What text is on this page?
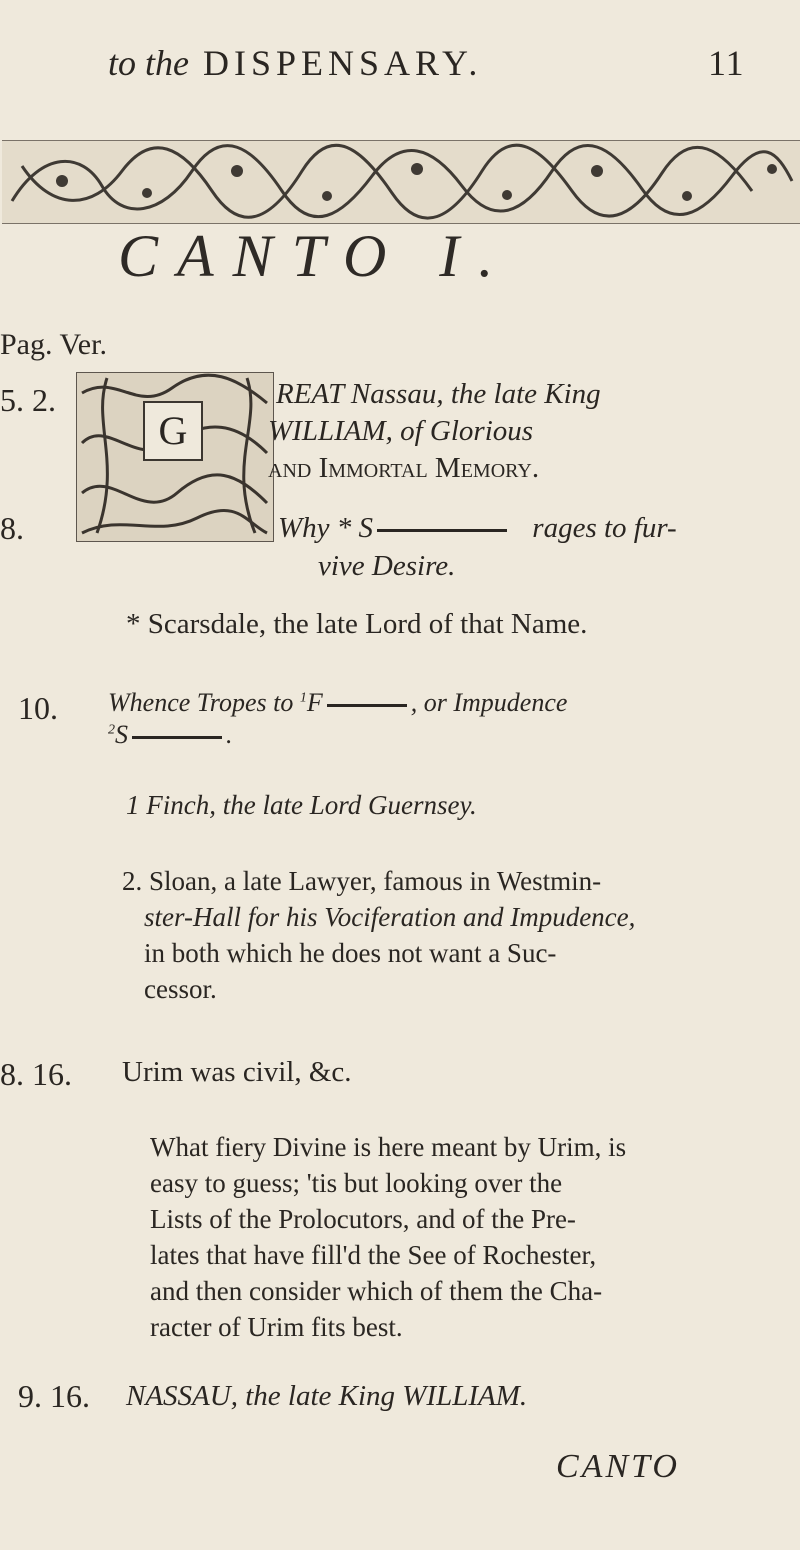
to the DISPENSARY.	11
CANTO I.
Pag. Ver.
G
5. 2.	REAT Nassau, the late King
WILLIAM, of Glorious
and Immortal Memory.
8.	Why * S	rages to fur-
vive Desire.
* Scarsdale, the late Lord of that Name.
10. Whence Tropes to $^1$F	, or Impudence
$^2$S	.
1 Finch, the late Lord Guernsey.
2. Sloan, a late Lawyer, famous in Westmin-
ster-Hall for his Vociferation and Impudence,
in both which he does not want a Suc-
cessor.
8. 16. Urim was civil, &c.
What fiery Divine is here meant by Urim, is
easy to guess; 'tis but looking over the
Lists of the Prolocutors, and of the Pre-
lates that have fill'd the See of Rochester,
and then consider which of them the Cha-
racter of Urim fits best.
9. 16. NASSAU, the late King WILLIAM.
CANTO
